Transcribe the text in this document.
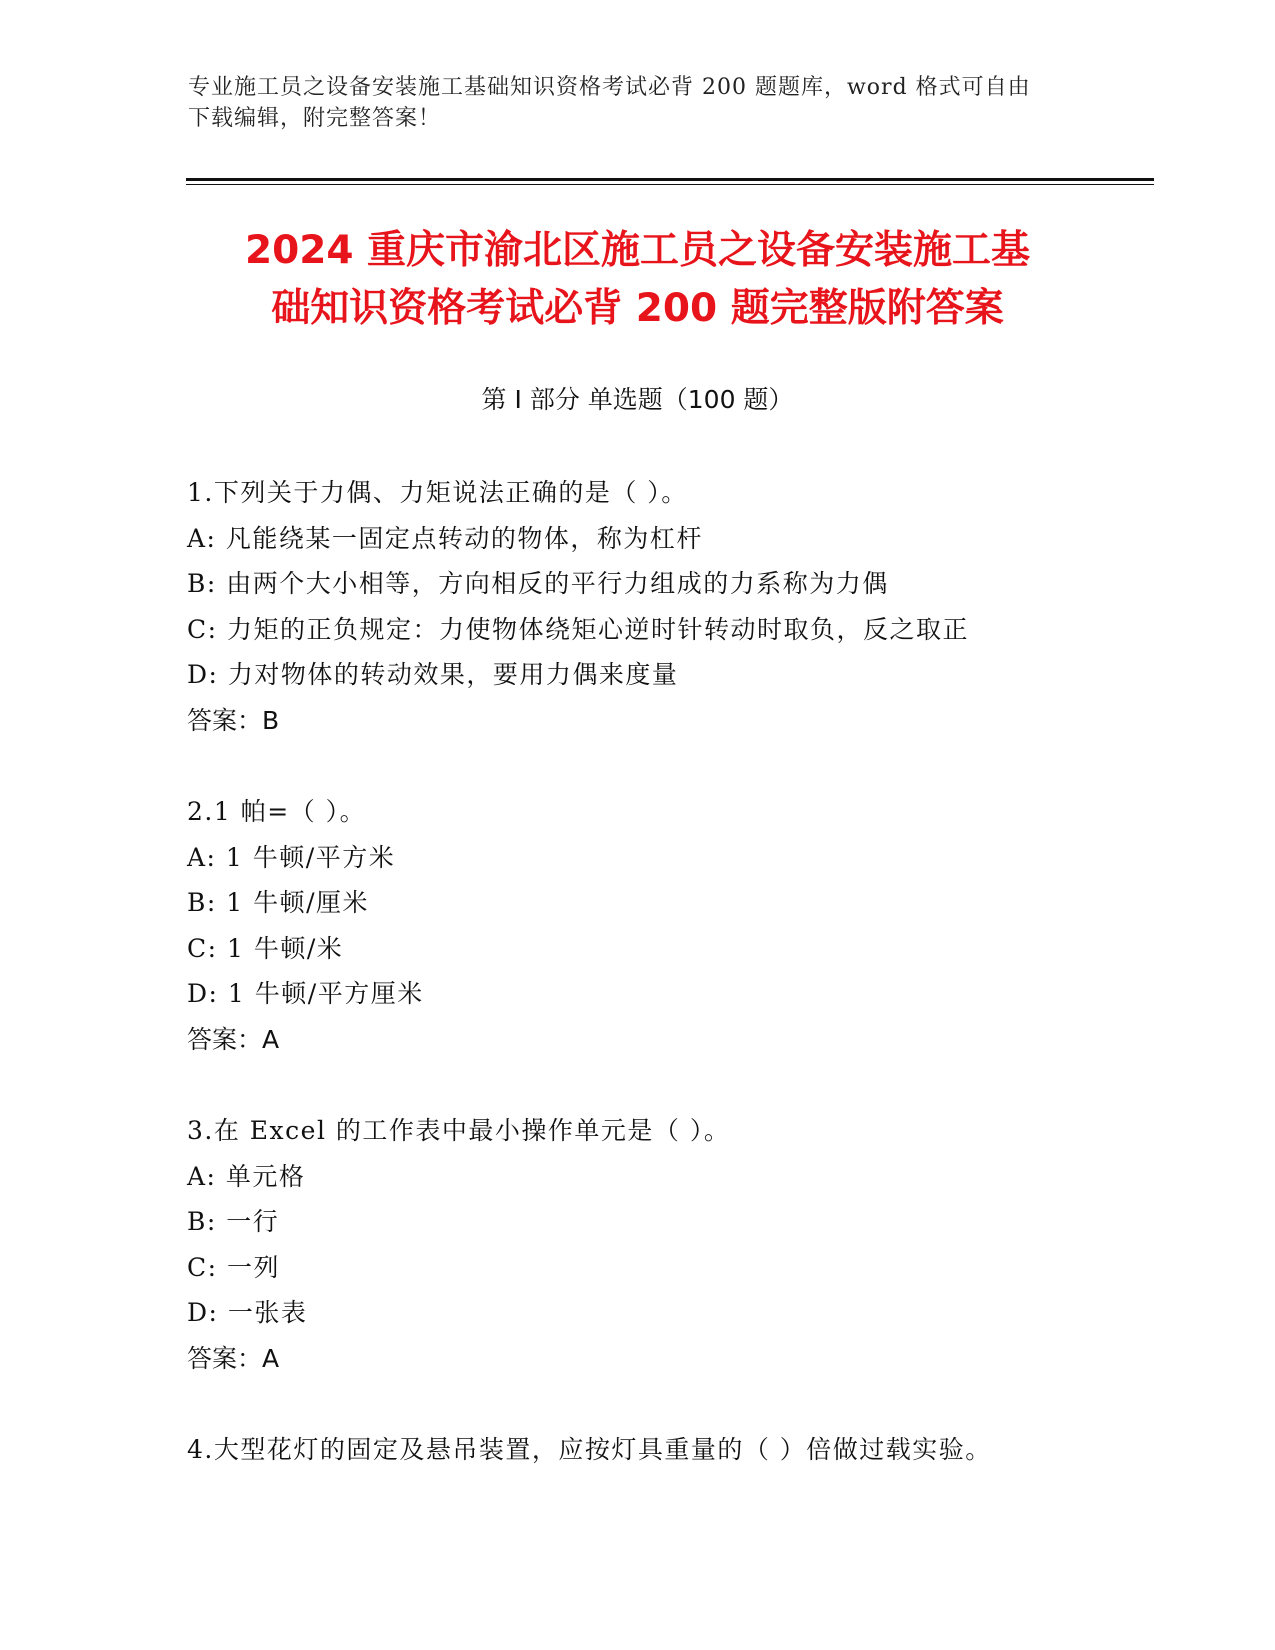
专业施工员之设备安装施工基础知识资格考试必背 200 题题库，word 格式可自由
下载编辑，附完整答案！
2024 重庆市渝北区施工员之设备安装施工基
础知识资格考试必背 200 题完整版附答案
第 I 部分 单选题（100 题）
1.下列关于力偶、力矩说法正确的是（ ）。
A: 凡能绕某一固定点转动的物体，称为杠杆
B: 由两个大小相等，方向相反的平行力组成的力系称为力偶
C: 力矩的正负规定：力使物体绕矩心逆时针转动时取负，反之取正
D: 力对物体的转动效果，要用力偶来度量
答案：B
2.1 帕=（ ）。
A: 1 牛顿/平方米
B: 1 牛顿/厘米
C: 1 牛顿/米
D: 1 牛顿/平方厘米
答案：A
3.在 Excel 的工作表中最小操作单元是（ ）。
A: 单元格
B: 一行
C: 一列
D: 一张表
答案：A
4.大型花灯的固定及悬吊装置，应按灯具重量的（ ）倍做过载实验。
